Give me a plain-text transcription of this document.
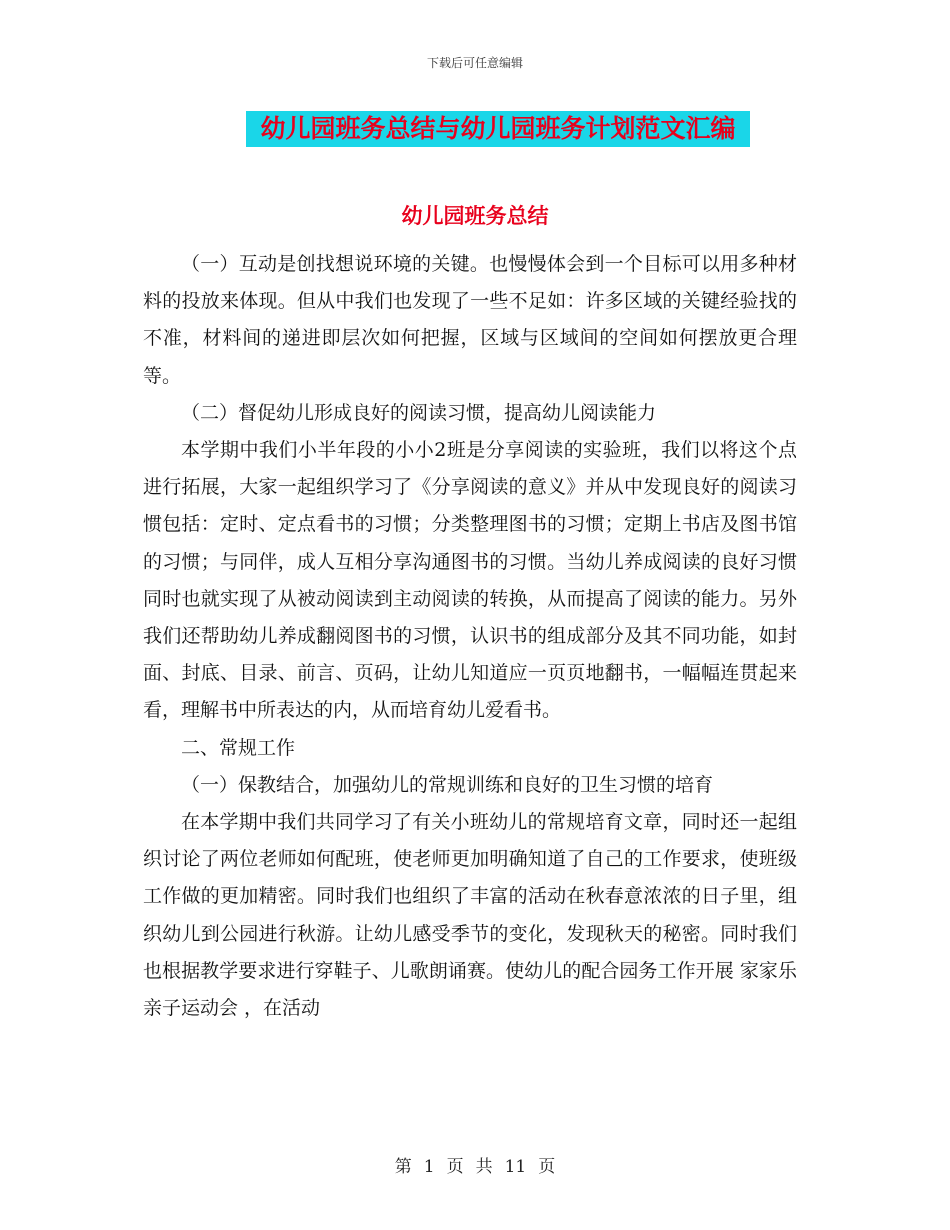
下载后可任意编辑
幼儿园班务总结与幼儿园班务计划范文汇编
幼儿园班务总结

（一）互动是创找想说环境的关键。也慢慢体会到一个目标可以用多种材料的投放来体现。但从中我们也发现了一些不足如：许多区域的关键经验找的不准，材料间的递进即层次如何把握，区域与区域间的空间如何摆放更合理等。

（二）督促幼儿形成良好的阅读习惯，提高幼儿阅读能力

本学期中我们小半年段的小小2班是分享阅读的实验班，我们以将这个点进行拓展，大家一起组织学习了《分享阅读的意义》并从中发现良好的阅读习惯包括：定时、定点看书的习惯；分类整理图书的习惯；定期上书店及图书馆的习惯；与同伴，成人互相分享沟通图书的习惯。当幼儿养成阅读的良好习惯同时也就实现了从被动阅读到主动阅读的转换，从而提高了阅读的能力。另外我们还帮助幼儿养成翻阅图书的习惯，认识书的组成部分及其不同功能，如封面、封底、目录、前言、页码，让幼儿知道应一页页地翻书，一幅幅连贯起来看，理解书中所表达的内，从而培育幼儿爱看书。

二、常规工作

（一）保教结合，加强幼儿的常规训练和良好的卫生习惯的培育

在本学期中我们共同学习了有关小班幼儿的常规培育文章，同时还一起组织讨论了两位老师如何配班，使老师更加明确知道了自己的工作要求，使班级工作做的更加精密。同时我们也组织了丰富的活动在秋春意浓浓的日子里，组织幼儿到公园进行秋游。让幼儿感受季节的变化，发现秋天的秘密。同时我们也根据教学要求进行穿鞋子、儿歌朗诵赛。使幼儿的配合园务工作开展 家家乐亲子运动会 ，在活动

第 1 页 共 11 页
